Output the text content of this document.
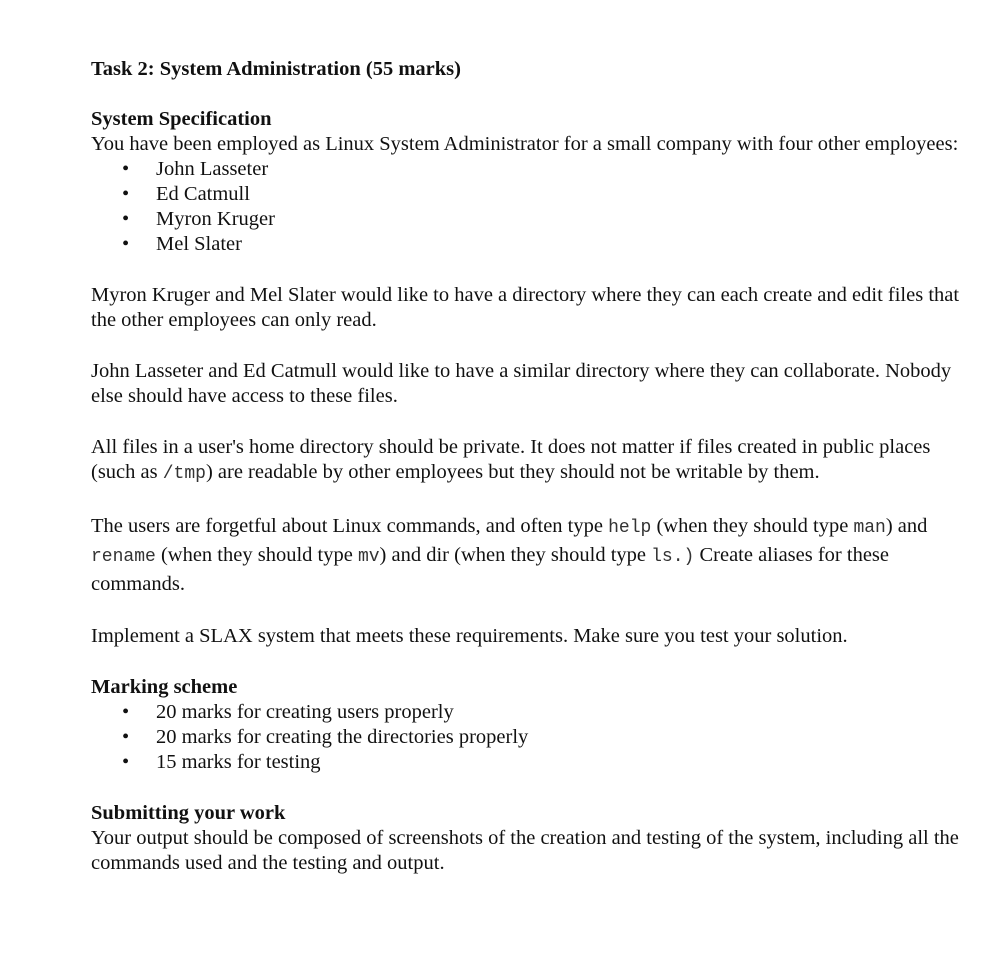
Task 2: System Administration (55 marks)
System Specification

You have been employed as Linux System Administrator for a small company with four other employees:

• John Lasseter
• Ed Catmull
• Myron Kruger
• Mel Slater

Myron Kruger and Mel Slater would like to have a directory where they can each create and edit files that the other employees can only read.

John Lasseter and Ed Catmull would like to have a similar directory where they can collaborate. Nobody else should have access to these files.

All files in a user's home directory should be private. It does not matter if files created in public places (such as /tmp) are readable by other employees but they should not be writable by them.

The users are forgetful about Linux commands, and often type help (when they should type man) and rename (when they should type mv) and dir (when they should type ls.) Create aliases for these commands.

Implement a SLAX system that meets these requirements. Make sure you test your solution.

Marking scheme
• 20 marks for creating users properly
• 20 marks for creating the directories properly
• 15 marks for testing
Submitting your work

Your output should be composed of screenshots of the creation and testing of the system, including all the commands used and the testing and output.
